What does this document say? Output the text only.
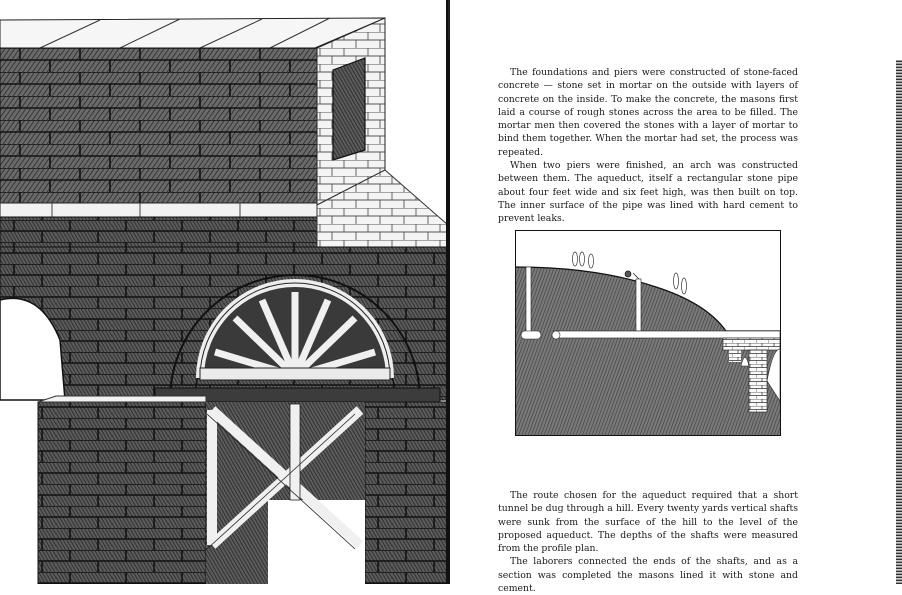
The foundations and piers were constructed of stone-faced concrete — stone set in mortar on the outside with layers of concrete on the inside. To make the concrete, the masons first laid a course of rough stones across the area to be filled. The mortar men then covered the stones with a layer of mortar to bind them together. When the mortar had set, the process was repeated.

When two piers were finished, an arch was constructed between them. The aqueduct, itself a rectangular stone pipe about four feet wide and six feet high, was then built on top. The inner surface of the pipe was lined with hard cement to prevent leaks.

The route chosen for the aqueduct required that a short tunnel be dug through a hill. Every twenty yards vertical shafts were sunk from the surface of the hill to the level of the proposed aqueduct. The depths of the shafts were measured from the profile plan.

The laborers connected the ends of the shafts, and as a section was completed the masons lined it with stone and cement.
